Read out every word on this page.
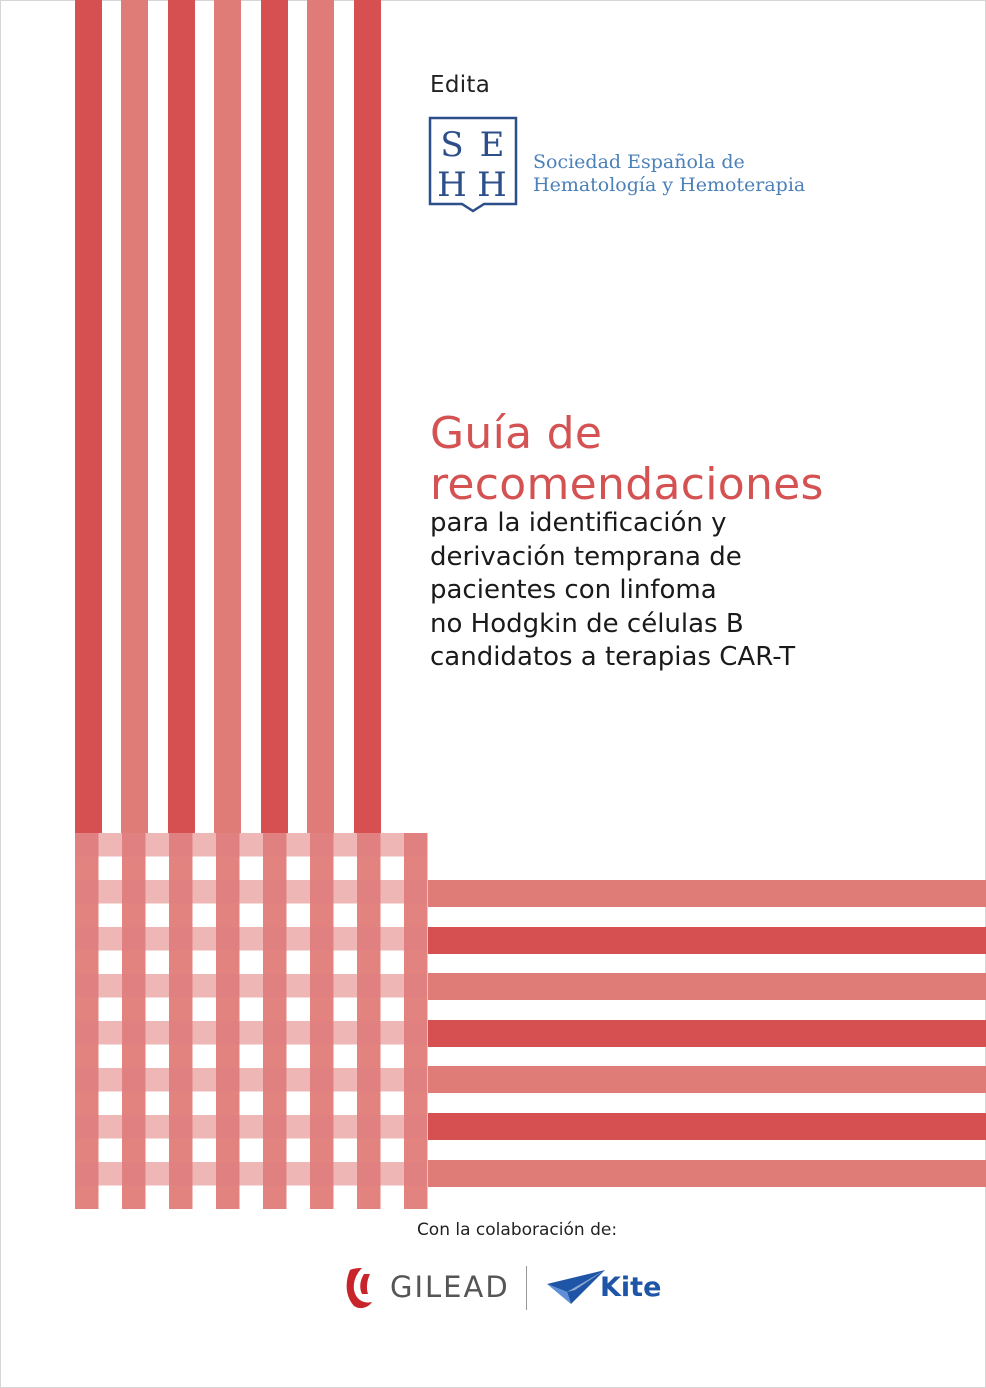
Edita
S E
H H
Sociedad Española de
Hematología y Hemoterapia
Guía de
recomendaciones
para la identificación y
derivación temprana de
pacientes con linfoma
no Hodgkin de células B
candidatos a terapias CAR-T
Con la colaboración de:
GILEAD	Kite
